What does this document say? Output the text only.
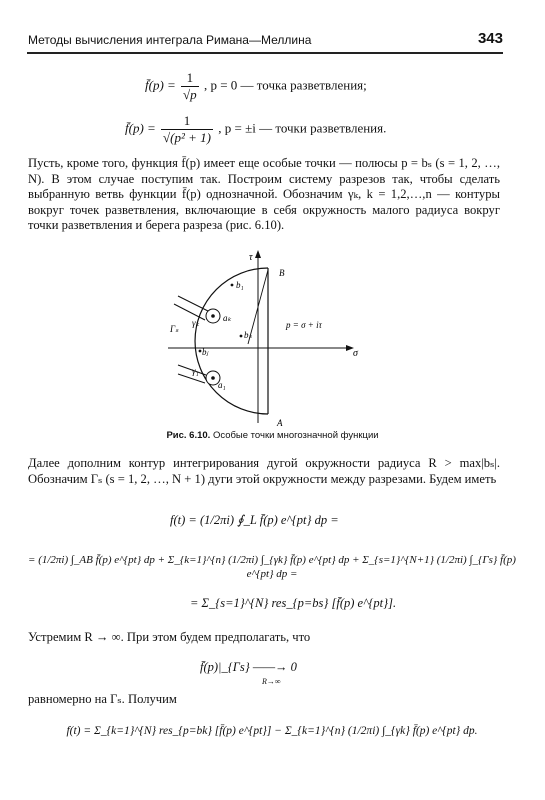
Методы вычисления интеграла Римана—Меллина	343
f̄(p) = $\frac{1}{√p}$ , p = 0 — точка разветвления;
f̄(p) = $\frac{1}{\text{√(p² + 1)}}$ , p = ±i — точки разветвления.
Пусть, кроме того, функция f̄(p) имеет еще особые точки — полюсы p = bₛ (s = 1, 2, …, N). В этом случае поступим так. Построим систему разрезов так, чтобы сделать выбранную ветвь функции f̄(p) однозначной. Обозначим γₖ, k = 1,2,…,n — контуры вокруг точек разветвления, включающие в себя окружность малого радиуса вокруг точки разветвления и берега разреза (рис. 6.10).
τ
σ
B
A
b₁
bₛ
bⱼ
aₖ
a₁
γₖ
γ₁
Γₛ	p = σ + iτ
Рис. 6.10. Особые точки многозначной функции
Далее дополним контур интегрирования дугой окружности радиуса R > max|bₛ|. Обозначим Γₛ (s = 1, 2, …, N + 1) дуги этой окружности между разрезами. Будем иметь
f(t) = (1/2πi) ∮_L f̄(p) e^{pt} dp =
= (1/2πi) ∫_AB f̄(p) e^{pt} dp + Σ_{k=1}^{n} (1/2πi) ∫_{γk} f̄(p) e^{pt} dp + Σ_{s=1}^{N+1} (1/2πi) ∫_{Γs} f̄(p) e^{pt} dp =
= Σ_{s=1}^{N} res_{p=bs} [f̄(p) e^{pt}].
Устремим R → ∞. При этом будем предполагать, что
f̄(p)|_{Γs} ——→ 0
R→∞
равномерно на Γₛ. Получим
f(t) = Σ_{k=1}^{N} res_{p=bk} [f̄(p) e^{pt}] − Σ_{k=1}^{n} (1/2πi) ∫_{γk} f̄(p) e^{pt} dp.
